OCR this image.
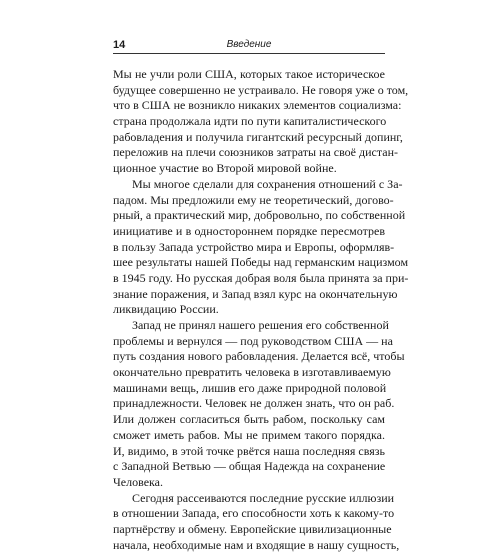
14	Введение
Мы не учли роли США, которых такое историческое
будущее совершенно не устраивало. Не говоря уже о том,
что в США не возникло никаких элементов социализма:
страна продолжала идти по пути капиталистического
рабовладения и получила гигантский ресурсный допинг,
переложив на плечи союзников затраты на своё дистан-
ционное участие во Второй мировой войне.
Мы многое сделали для сохранения отношений с За-
падом. Мы предложили ему не теоретический, догово-
рный, а практический мир, добровольно, по собственной
инициативе и в одностороннем порядке пересмотрев
в пользу Запада устройство мира и Европы, оформляв-
шее результаты нашей Победы над германским нацизмом
в 1945 году. Но русская добрая воля была принята за при-
знание поражения, и Запад взял курс на окончательную
ликвидацию России.
Запад не принял нашего решения его собственной
проблемы и вернулся — под руководством США — на
путь создания нового рабовладения. Делается всё, чтобы
окончательно превратить человека в изготавливаемую
машинами вещь, лишив его даже природной половой
принадлежности. Человек не должен знать, что он раб.
Или должен согласиться быть рабом, поскольку сам
сможет иметь рабов. Мы не примем такого порядка.
И, видимо, в этой точке рвётся наша последняя связь
с Западной Ветвью — общая Надежда на сохранение
Человека.
Сегодня рассеиваются последние русские иллюзии
в отношении Запада, его способности хоть к какому-то
партнёрству и обмену. Европейские цивилизационные
начала, необходимые нам и входящие в нашу сущность,
